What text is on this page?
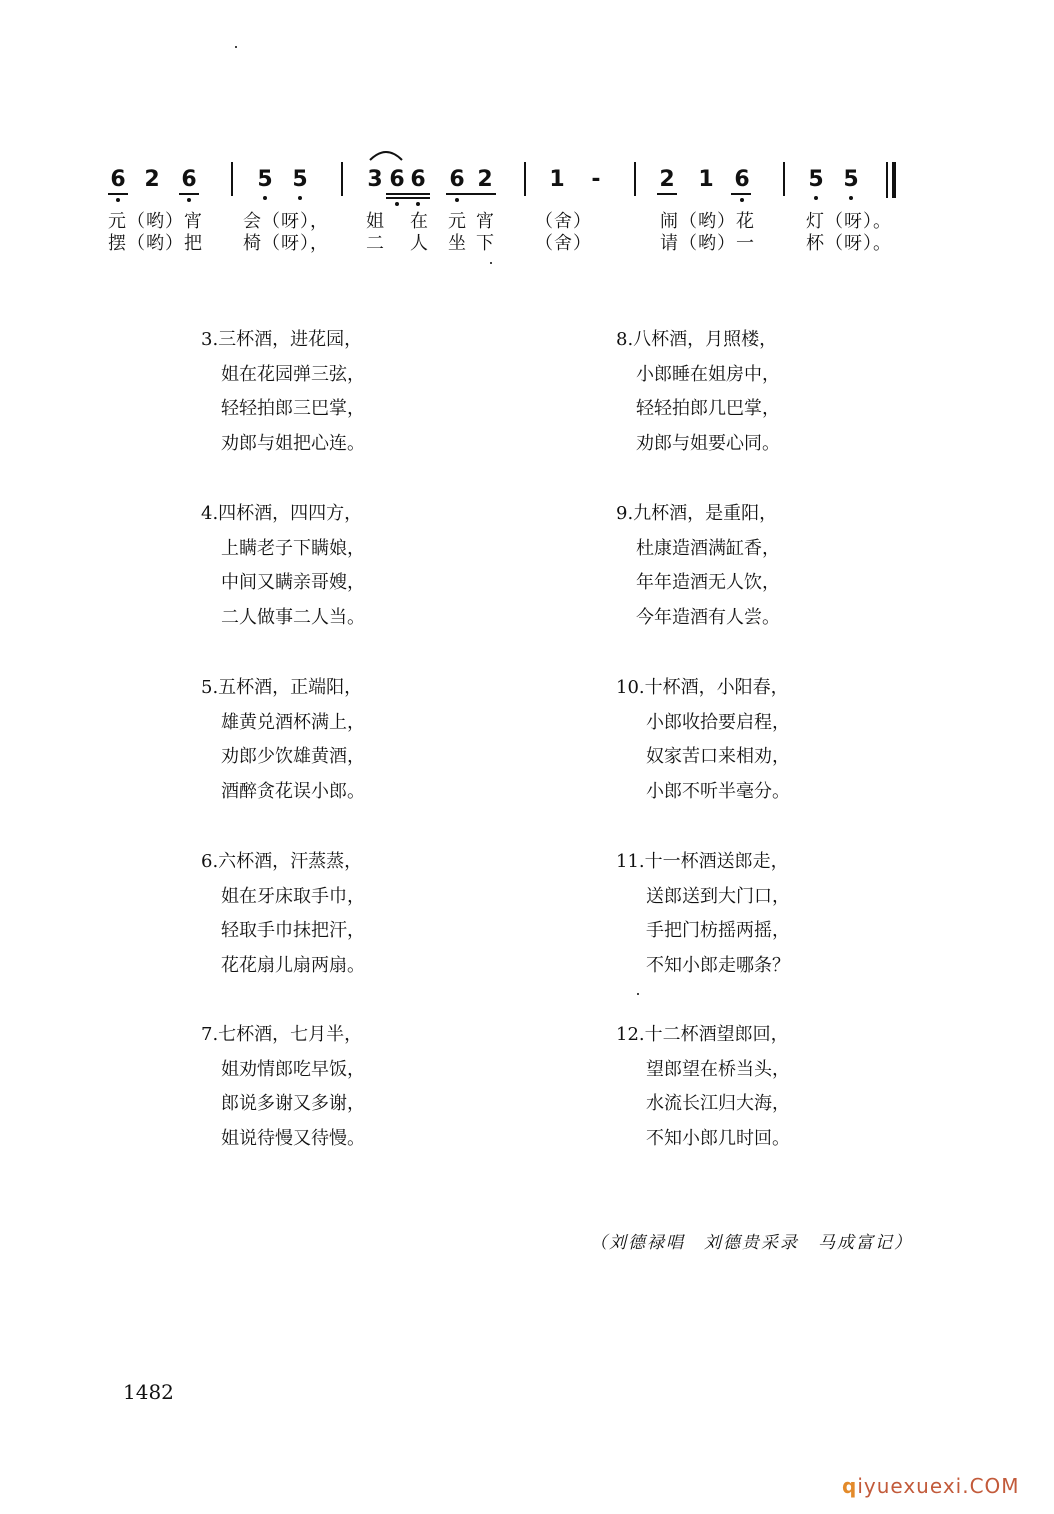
6 2 6	5 5	3 6 6 6 2	1 -	2 1 6	5 5
元（哟）宵 会（呀）， 姐 在 元 宵 （舍）	闹（哟）花	灯（呀）。
摆（哟）把 椅（呀）， 二 人 坐 下 （舍）	请（哟）一	杯（呀）。
3.三杯酒，进花园，
姐在花园弹三弦，
轻轻拍郎三巴掌，
劝郎与姐把心连。
4.四杯酒，四四方，
上瞒老子下瞒娘，
中间又瞒亲哥嫂，
二人做事二人当。
5.五杯酒，正端阳，
雄黄兑酒杯满上，
劝郎少饮雄黄酒，
酒醉贪花误小郎。
6.六杯酒，汗蒸蒸，
姐在牙床取手巾，
轻取手巾抹把汗，
花花扇儿扇两扇。
7.七杯酒，七月半，
姐劝情郎吃早饭，
郎说多谢又多谢，
姐说待慢又待慢。
8.八杯酒，月照楼，
小郎睡在姐房中，
轻轻拍郎几巴掌，
劝郎与姐要心同。
9.九杯酒，是重阳，
杜康造酒满缸香，
年年造酒无人饮，
今年造酒有人尝。
10.十杯酒，小阳春，
小郎收拾要启程，
奴家苦口来相劝，
小郎不听半毫分。
11.十一杯酒送郎走，
送郎送到大门口，
手把门枋摇两摇，
不知小郎走哪条？
12.十二杯酒望郎回，
望郎望在桥当头，
水流长江归大海，
不知小郎几时回。
（刘德禄唱　刘德贵采录　马成富记）
1482
qiyuexuexi.COM
